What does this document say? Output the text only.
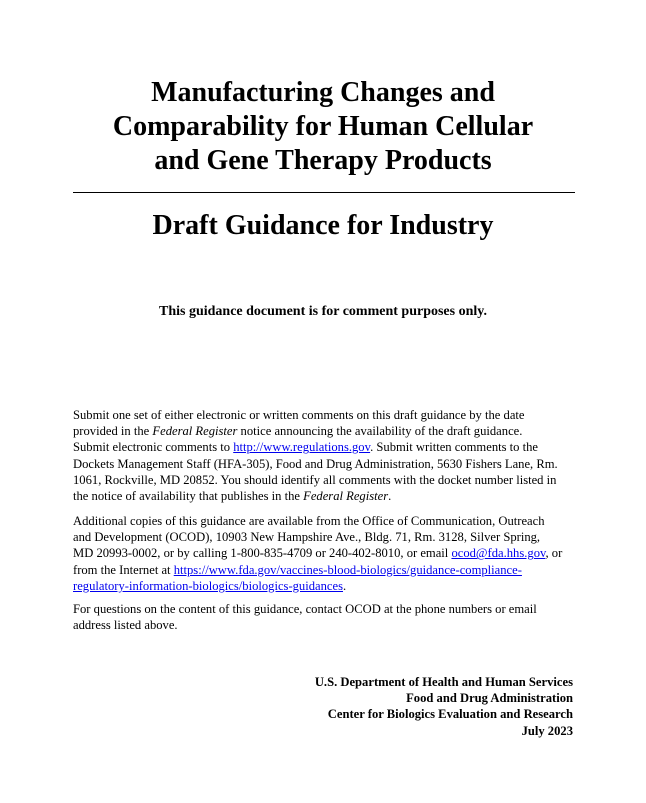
Manufacturing Changes and
Comparability for Human Cellular
and Gene Therapy Products
Draft Guidance for Industry

This guidance document is for comment purposes only.

Submit one set of either electronic or written comments on this draft guidance by the date
provided in the Federal Register notice announcing the availability of the draft guidance.
Submit electronic comments to http://www.regulations.gov. Submit written comments to the
Dockets Management Staff (HFA-305), Food and Drug Administration, 5630 Fishers Lane, Rm.
1061, Rockville, MD 20852. You should identify all comments with the docket number listed in
the notice of availability that publishes in the Federal Register.

Additional copies of this guidance are available from the Office of Communication, Outreach
and Development (OCOD), 10903 New Hampshire Ave., Bldg. 71, Rm. 3128, Silver Spring,
MD 20993-0002, or by calling 1-800-835-4709 or 240-402-8010, or email ocod@fda.hhs.gov, or
from the Internet at https://www.fda.gov/vaccines-blood-biologics/guidance-compliance-
regulatory-information-biologics/biologics-guidances.

For questions on the content of this guidance, contact OCOD at the phone numbers or email
address listed above.

U.S. Department of Health and Human Services
Food and Drug Administration
Center for Biologics Evaluation and Research
July 2023
